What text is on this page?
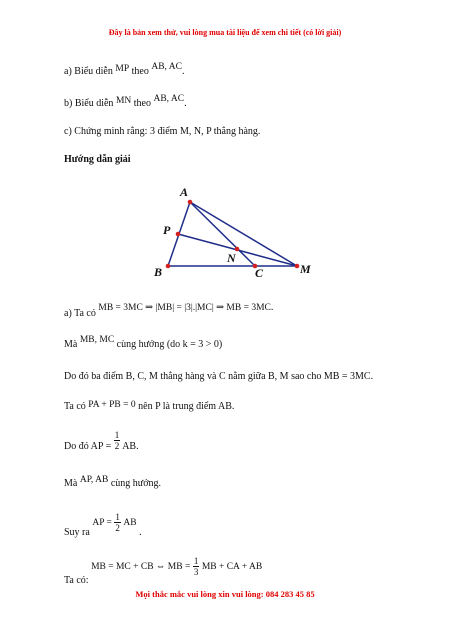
Đây là bản xem thử, vui lòng mua tài liệu để xem chi tiết (có lời giải)
a) Biểu diễn MP theo AB, AC.
b) Biểu diễn MN theo AB, AC.
c) Chứng minh rằng: 3 điểm M, N, P thẳng hàng.
Hướng dẫn giải
A
P
N
B	C	M
a) Ta có MB = 3MC ⇒ |MB| = |3|.|MC| ⇒ MB = 3MC.
Mà MB, MC cùng hướng (do k = 3 > 0)
Do đó ba điểm B, C, M thẳng hàng và C nằm giữa B, M sao cho MB = 3MC.
Ta có PA + PB = 0 nên P là trung điểm AB.
Do đó AP = $\frac{1}{2}$ AB.
Mà AP, AB cùng hướng.
Suy ra AP = $\frac{1}{2}$ AB .
Ta có: MB = MC + CB ⇔ MB = $\frac{1}{3}$ MB + CA + AB
Mọi thắc mắc vui lòng xin vui lòng: 084 283 45 85
